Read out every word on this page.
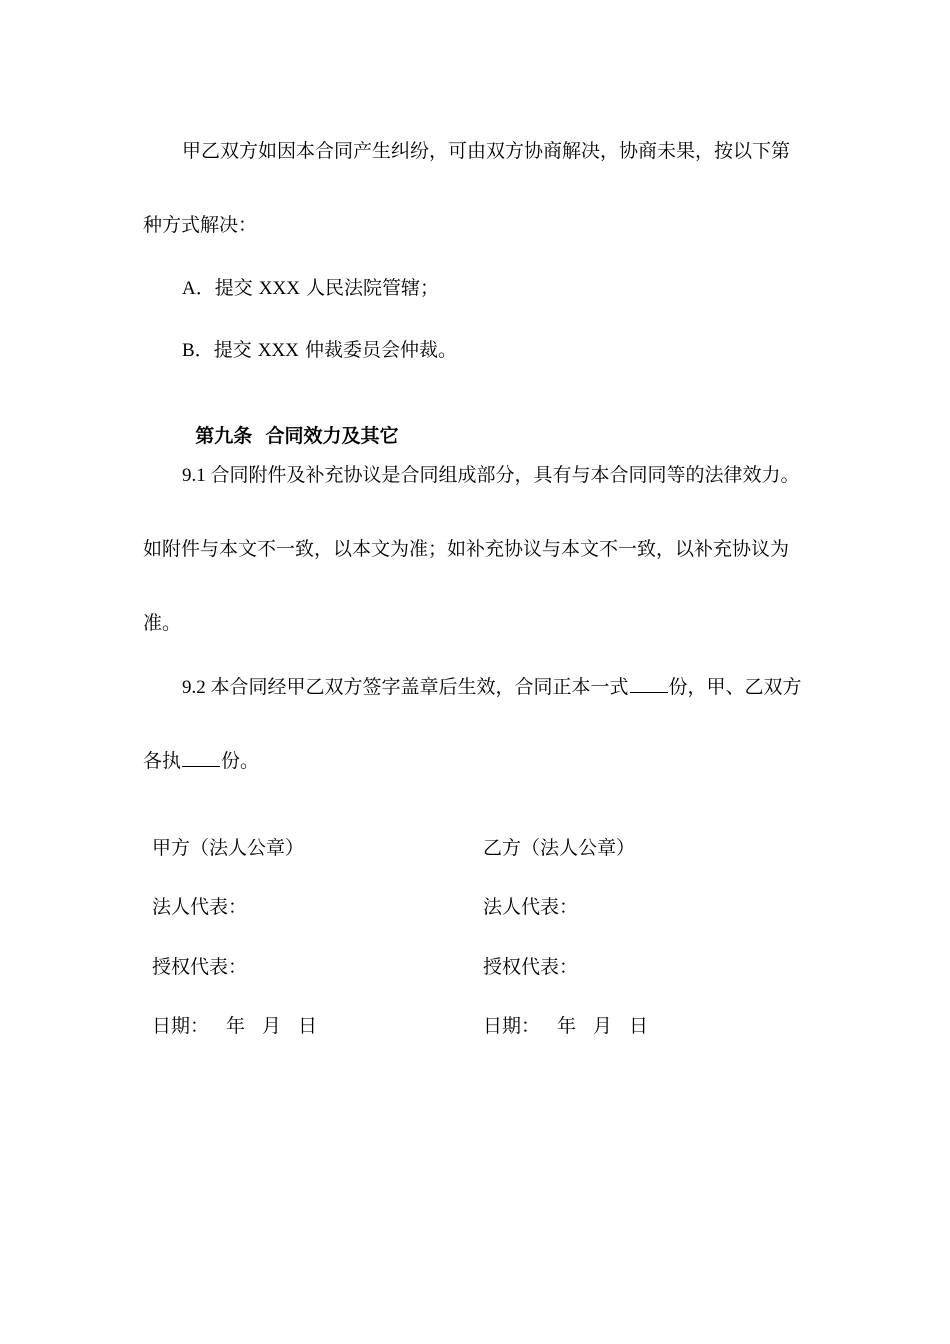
甲乙双方如因本合同产生纠纷，可由双方协商解决，协商未果，按以下第

种方式解决：

A．提交 XXX 人民法院管辖；

B．提交 XXX 仲裁委员会仲裁。

第九条  合同效力及其它

9.1 合同附件及补充协议是合同组成部分，具有与本合同同等的法律效力。

如附件与本文不一致，以本文为准；如补充协议与本文不一致，以补充协议为

准。

9.2 本合同经甲乙双方签字盖章后生效，合同正本一式 份，甲、乙双方

各执 份。

甲方（法人公章）
法人代表：
授权代表：
日期： 年 月 日
乙方（法人公章）
法人代表：
授权代表：
日期： 年 月 日
